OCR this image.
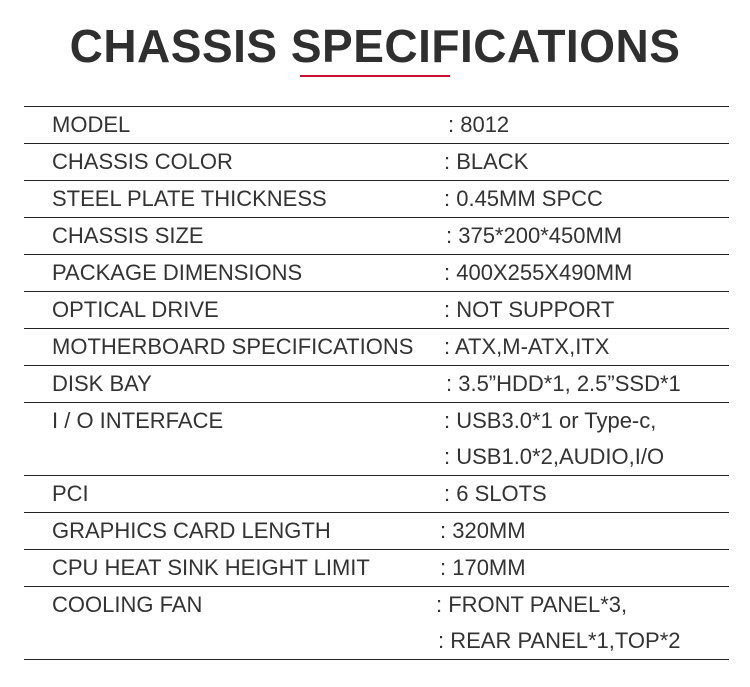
CHASSIS SPECIFICATIONS
MODEL	: 8012
CHASSIS COLOR	: BLACK
STEEL PLATE THICKNESS	: 0.45MM SPCC
CHASSIS SIZE	: 375*200*450MM
PACKAGE DIMENSIONS	: 400X255X490MM
OPTICAL DRIVE	: NOT SUPPORT
MOTHERBOARD SPECIFICATIONS : ATX,M-ATX,ITX
DISK BAY	: 3.5”HDD*1, 2.5”SSD*1
I / O INTERFACE	: USB3.0*1 or Type-c,
: USB1.0*2,AUDIO,I/O
PCI	: 6 SLOTS
GRAPHICS CARD LENGTH	: 320MM
CPU HEAT SINK HEIGHT LIMIT	: 170MM
COOLING FAN	: FRONT PANEL*3,
: REAR PANEL*1,TOP*2
